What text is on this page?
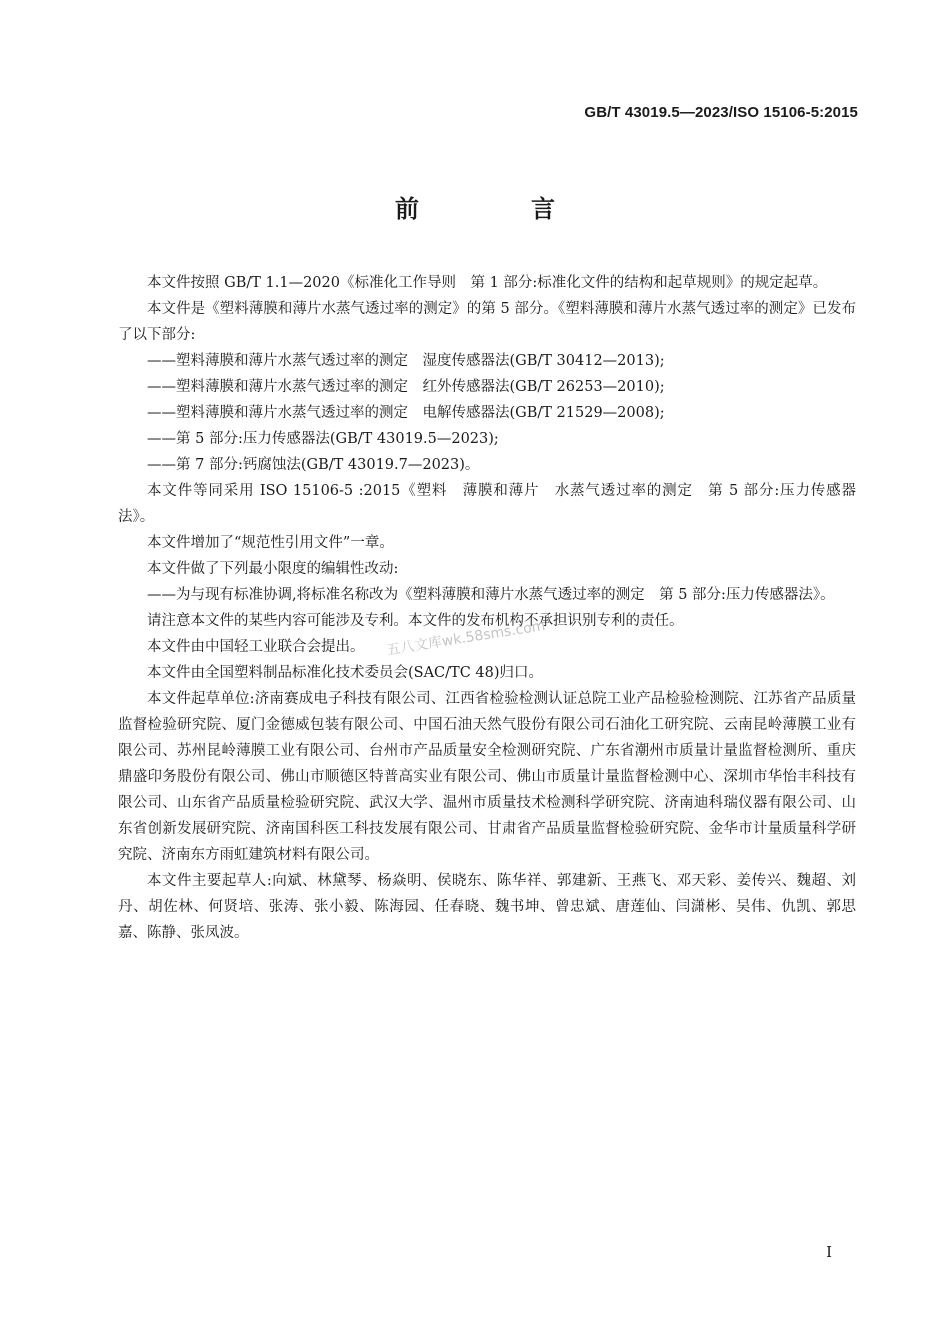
GB/T 43019.5—2023/ISO 15106-5:2015
前　言

本文件按照 GB/T 1.1—2020《标准化工作导则　第 1 部分:标准化文件的结构和起草规则》的规定起草。

本文件是《塑料薄膜和薄片水蒸气透过率的测定》的第 5 部分。《塑料薄膜和薄片水蒸气透过率的测定》已发布了以下部分:

——塑料薄膜和薄片水蒸气透过率的测定　湿度传感器法(GB/T 30412—2013);

——塑料薄膜和薄片水蒸气透过率的测定　红外传感器法(GB/T 26253—2010);

——塑料薄膜和薄片水蒸气透过率的测定　电解传感器法(GB/T 21529—2008);

——第 5 部分:压力传感器法(GB/T 43019.5—2023);

——第 7 部分:钙腐蚀法(GB/T 43019.7—2023)。

本文件等同采用 ISO 15106-5 :2015《塑料　薄膜和薄片　水蒸气透过率的测定　第 5 部分:压力传感器法》。

本文件增加了“规范性引用文件”一章。

本文件做了下列最小限度的编辑性改动:

——为与现有标准协调,将标准名称改为《塑料薄膜和薄片水蒸气透过率的测定　第 5 部分:压力传感器法》。

请注意本文件的某些内容可能涉及专利。本文件的发布机构不承担识别专利的责任。

本文件由中国轻工业联合会提出。

本文件由全国塑料制品标准化技术委员会(SAC/TC 48)归口。

本文件起草单位:济南赛成电子科技有限公司、江西省检验检测认证总院工业产品检验检测院、江苏省产品质量监督检验研究院、厦门金德威包装有限公司、中国石油天然气股份有限公司石油化工研究院、云南昆岭薄膜工业有限公司、苏州昆岭薄膜工业有限公司、台州市产品质量安全检测研究院、广东省潮州市质量计量监督检测所、重庆鼎盛印务股份有限公司、佛山市顺德区特普高实业有限公司、佛山市质量计量监督检测中心、深圳市华怡丰科技有限公司、山东省产品质量检验研究院、武汉大学、温州市质量技术检测科学研究院、济南迪科瑞仪器有限公司、山东省创新发展研究院、济南国科医工科技发展有限公司、甘肃省产品质量监督检验研究院、金华市计量质量科学研究院、济南东方雨虹建筑材料有限公司。

本文件主要起草人:向斌、林黛琴、杨焱明、侯晓东、陈华祥、郭建新、王燕飞、邓天彩、姜传兴、魏超、刘丹、胡佐林、何贤培、张涛、张小毅、陈海园、任春晓、魏书坤、曾忠斌、唐莲仙、闫潇彬、吴伟、仇凯、郭思嘉、陈静、张凤波。

五八文库wk.58sms.com
I
